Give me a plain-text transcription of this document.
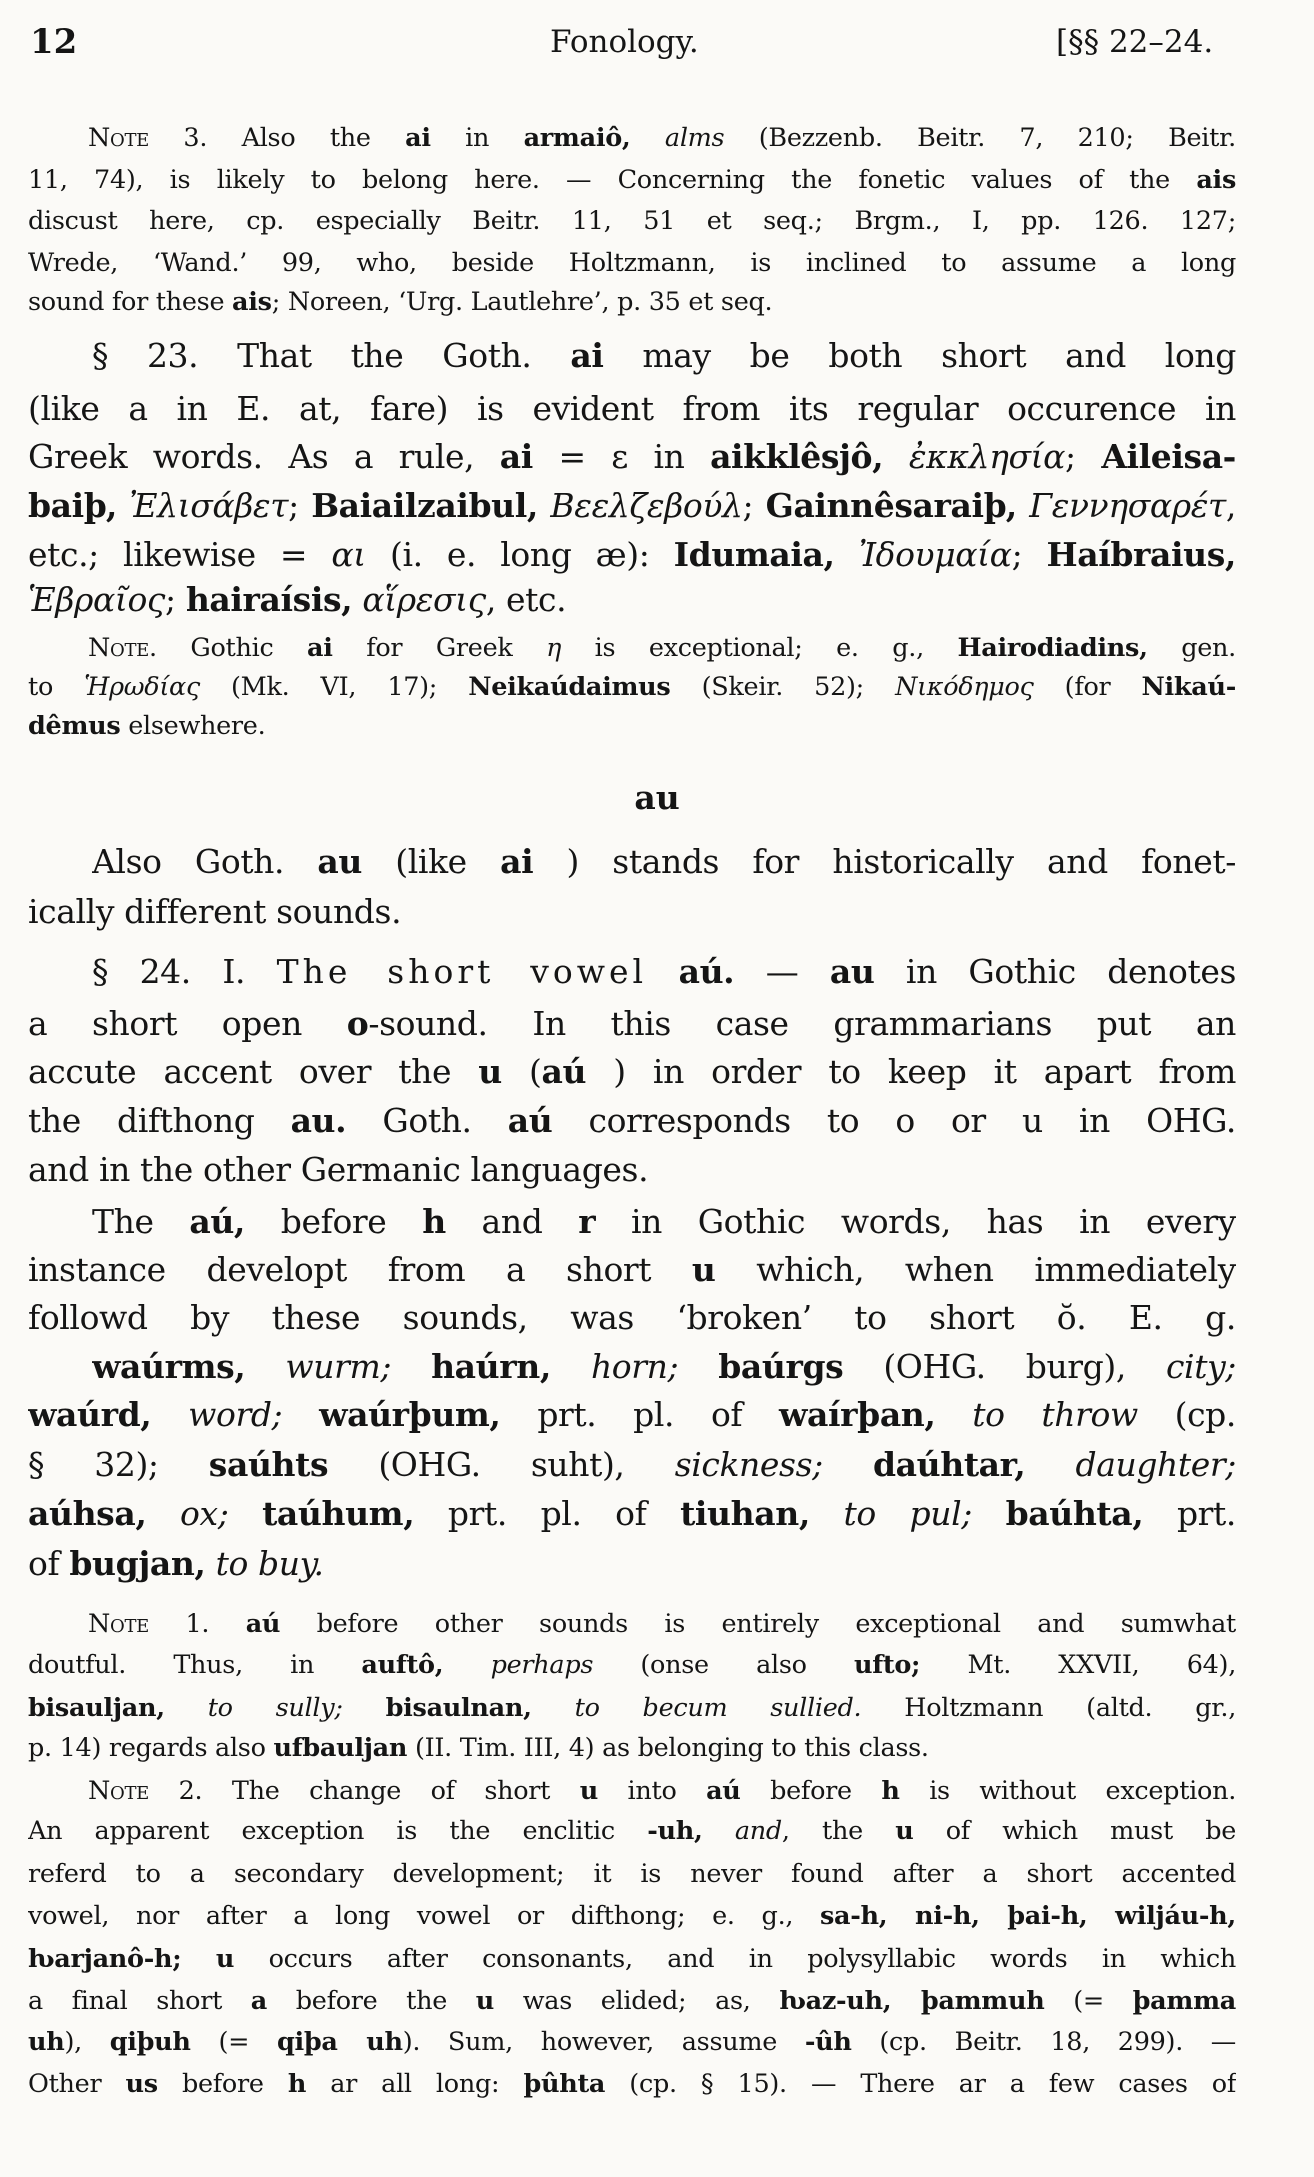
12	Fonology.	[§§ 22–24.
au
Note 3. Also the ai in armaiô, alms (Bezzenb. Beitr. 7, 210; Beitr.
11, 74), is likely to belong here. — Concerning the fonetic values of the ais
discust here, cp. especially Beitr. 11, 51 et seq.; Brgm., I, pp. 126. 127;
Wrede, ‘Wand.’ 99, who, beside Holtzmann, is inclined to assume a long
sound for these ais; Noreen, ‘Urg. Lautlehre’, p. 35 et seq.
§ 23. That the Goth. ai may be both short and long
(like a in E. at, fare) is evident from its regular occurence in
Greek words. As a rule, ai = ε in aikklêsjô, ἐκκλησία; Aileisa-
baiþ, Ἐλισάβετ; Baiailzaibul, Βεελζεβούλ; Gainnêsaraiþ, Γεννησαρέτ,
etc.; likewise = αι (i. e. long æ): Idumaia, Ἰδουμαία; Haíbraius,
Ἑβραῖος; hairaísis, αἵρεσις, etc.
Note. Gothic ai for Greek η is exceptional; e. g., Hairodiadins, gen.
to Ἡρωδίας (Mk. VI, 17); Neikaúdaimus (Skeir. 52); Νικόδημος (for Nikaú-
dêmus elsewhere.
Also Goth. au (like ai ) stands for historically and fonet-
ically different sounds.
§ 24. I. The short vowel aú. — au in Gothic denotes
a short open o-sound. In this case grammarians put an
accute accent over the u (aú ) in order to keep it apart from
the difthong au. Goth. aú corresponds to o or u in OHG.
and in the other Germanic languages.
The aú, before h and r in Gothic words, has in every
instance developt from a short u which, when immediately
followd by these sounds, was ‘broken’ to short ŏ. E. g.
waúrms, wurm; haúrn, horn; baúrgs (OHG. burg), city;
waúrd, word; waúrþum, prt. pl. of waírþan, to throw (cp.
§ 32); saúhts (OHG. suht), sickness; daúhtar, daughter;
aúhsa, ox; taúhum, prt. pl. of tiuhan, to pul; baúhta, prt.
of bugjan, to buy.
Note 1. aú before other sounds is entirely exceptional and sumwhat
doutful. Thus, in auftô, perhaps (onse also ufto; Mt. XXVII, 64),
bisauljan, to sully; bisaulnan, to becum sullied. Holtzmann (altd. gr.,
p. 14) regards also ufbauljan (II. Tim. III, 4) as belonging to this class.
Note 2. The change of short u into aú before h is without exception.
An apparent exception is the enclitic -uh, and, the u of which must be
referd to a secondary development; it is never found after a short accented
vowel, nor after a long vowel or difthong; e. g., sa-h, ni-h, þai-h, wiljáu-h,
ƕarjanô-h; u occurs after consonants, and in polysyllabic words in which
a final short a before the u was elided; as, ƕaz-uh, þammuh (= þamma
uh), qiþuh (= qiþa uh). Sum, however, assume -ûh (cp. Beitr. 18, 299). —
Other us before h ar all long: þûhta (cp. § 15). — There ar a few cases of
